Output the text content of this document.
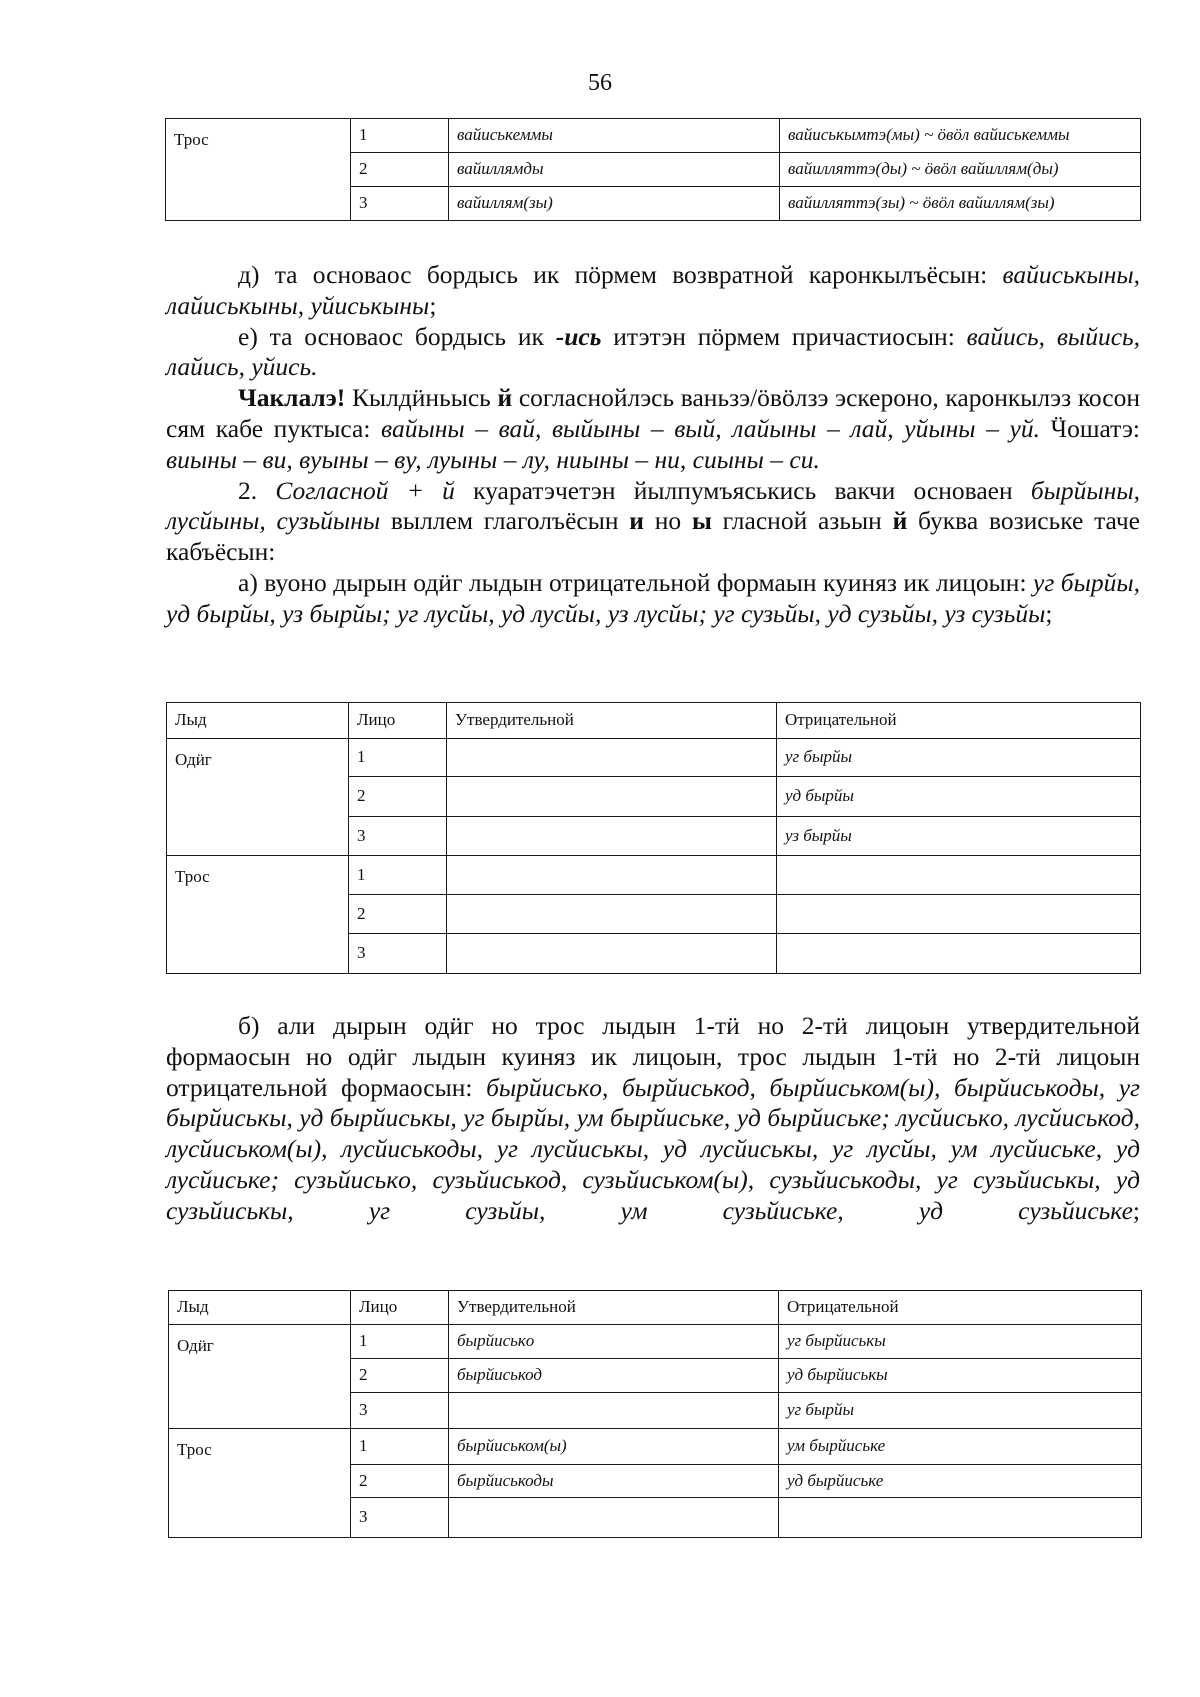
56
Трос	1	вайиськеммы	вайиськымтэ(мы) ~ ӧвӧл вайиськеммы
	2	вайиллямды	вайилляmтэ(ды) ~ ӧвӧл вайиллям(ды)
	3	вайиллям(зы)	вайилляmтэ(зы) ~ ӧвӧл вайиллям(зы)

д) та основаос бордысь ик пӧрмем возвратной каронкылъёсын: вайиськыны, лайиськыны, уйиськыны;

е) та основаос бордысь ик -ись итэтэн пӧрмем причастиосын: вайись, выйись, лайись, уйись.

Чаклалэ! Кылдӥньысь й согласнойлэсь ваньзэ/ӧвӧлзэ эскероно, каронкылэз косон сям кабе пуктыса: вайыны – вай, выйыны – вый, лайыны – лай, уйыны – уй. Ӵошатэ: виыны – ви, вуыны – ву, луыны – лу, ниыны – ни, сиыны – си.

2. Согласной + й куаратэчетэн йылпумъяськись вакчи основаен бырйыны, лусйыны, сузьйыны выллем глаголъёсын и но ы гласной азьын й буква возиське таче кабъёсын:

а) вуоно дырын одӥг лыдын отрицательной формаын куиняз ик лицоын: уг бырйы, уд бырйы, уз бырйы; уг лусйы, уд лусйы, уз лусйы; уг сузьйы, уд сузьйы, уз сузьйы;

Лыд	Лицо	Утвердительной	Отрицательной
Одӥг	1		уг бырйы
	2		уд бырйы
	3		уз бырйы
Трос	1		
	2		
	3		

б) али дырын одӥг но трос лыдын 1-тӥ но 2-тӥ лицоын утвердительной формаосын но одӥг лыдын куиняз ик лицоын, трос лыдын 1-тӥ но 2-тӥ лицоын отрицательной формаосын: бырйиськo, бырйиськод, бырйиськом(ы), бырйиськоды, уг бырйиськы, уд бырйиськы, уг бырйы, ум бырйиське, уд бырйиське; лусйиськo, лусйиськод, лусйиськом(ы), лусйиськоды, уг лусйиськы, уд лусйиськы, уг лусйы, ум лусйиське, уд лусйиське; сузьйиськo, сузьйиськод, сузьйиськом(ы), сузьйиськоды, уг сузьйиськы, уд сузьйиськы, уг сузьйы, ум сузьйиське, уд сузьйиське;

Лыд	Лицо	Утвердительной	Отрицательной
Одӥг	1	бырйиськo	уг бырйиськы
	2	бырйиськод	уд бырйиськы
	3		уг бырйы
Трос	1	бырйиськом(ы)	ум бырйиське
	2	бырйиськоды	уд бырйиське
	3		
